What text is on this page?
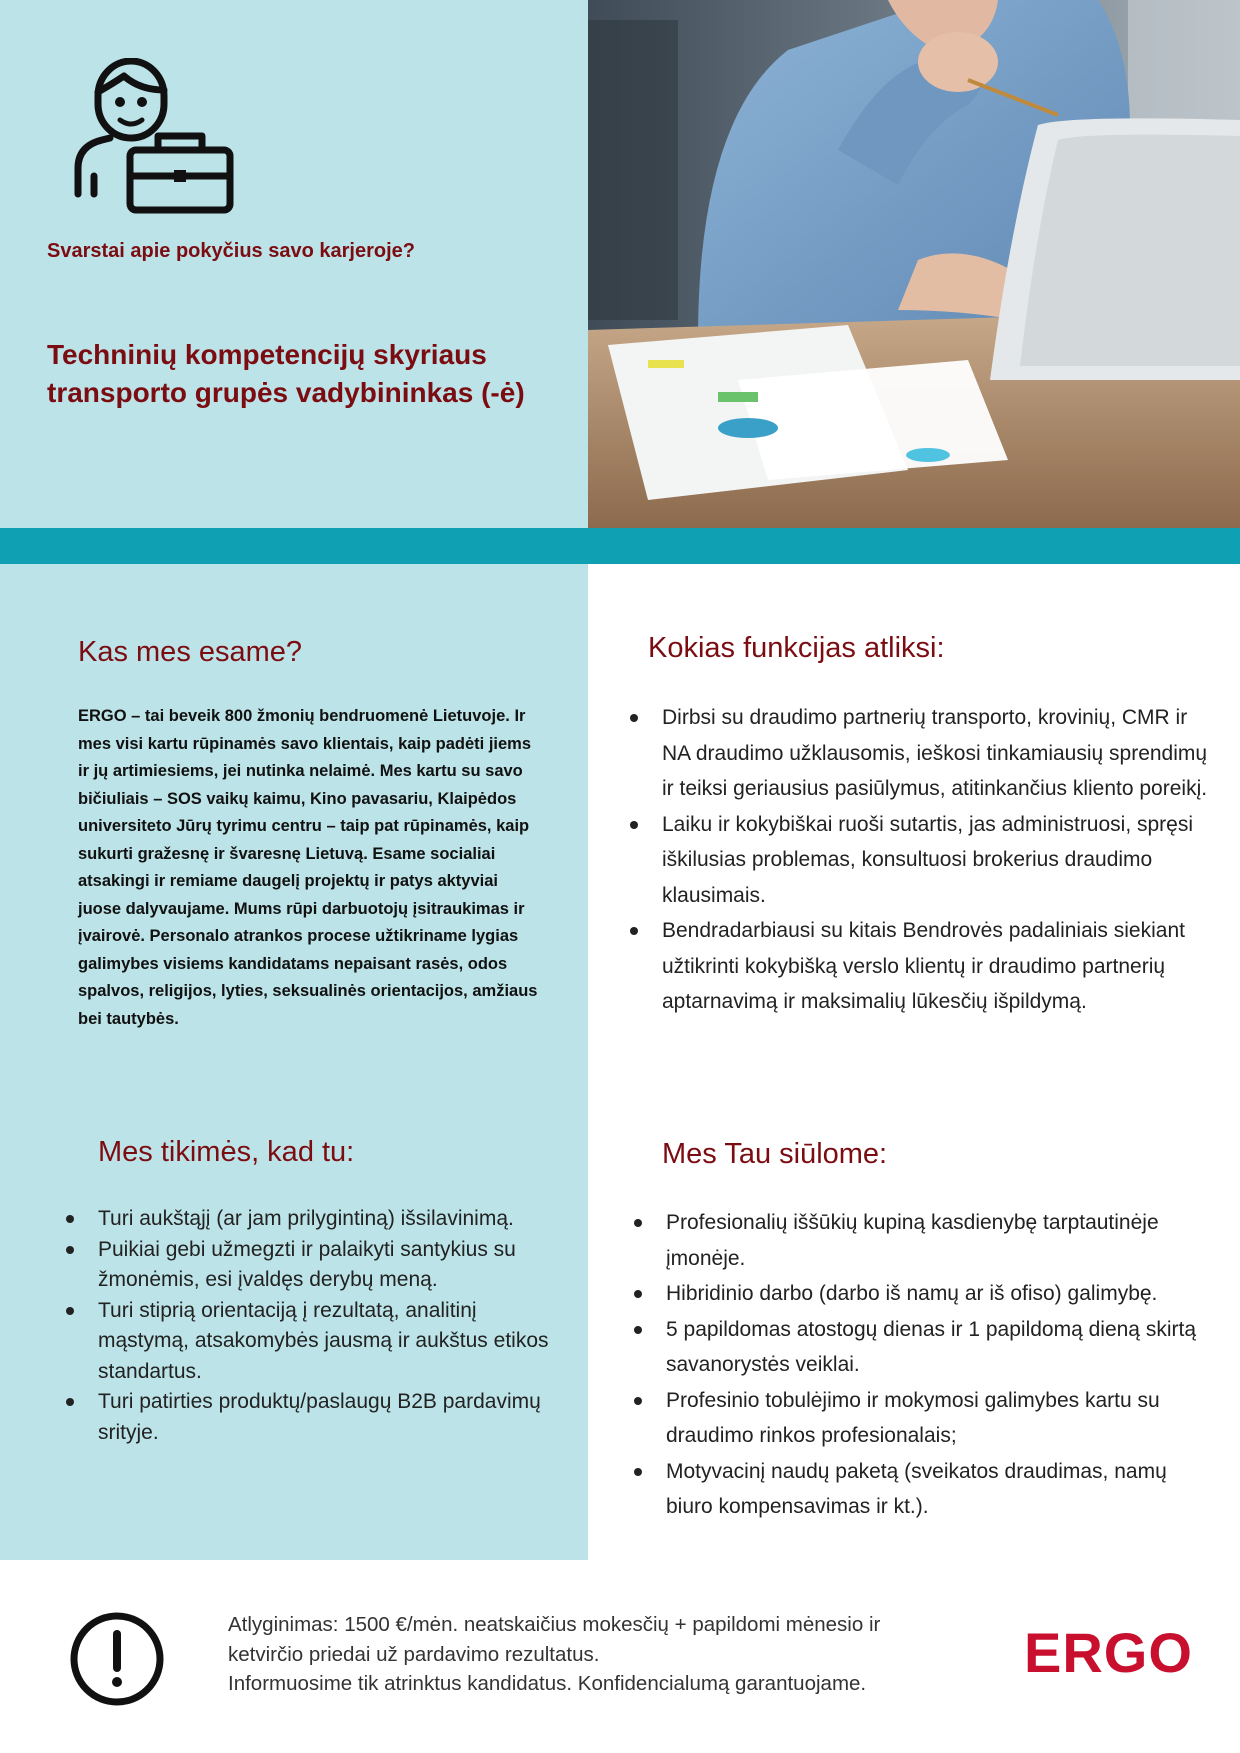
Svarstai apie pokyčius savo karjeroje?
Techninių kompetencijų skyriaus
transporto grupės vadybininkas (-ė)
Kas mes esame?

ERGO – tai beveik 800 žmonių bendruomenė Lietuvoje. Ir mes visi kartu rūpinamės savo klientais, kaip padėti jiems ir jų artimiesiems, jei nutinka nelaimė. Mes kartu su savo bičiuliais – SOS vaikų kaimu, Kino pavasariu, Klaipėdos universiteto Jūrų tyrimu centru – taip pat rūpinamės, kaip sukurti gražesnę ir švaresnę Lietuvą. Esame socialiai atsakingi ir remiame daugelį projektų ir patys aktyviai juose dalyvaujame. Mums rūpi darbuotojų įsitraukimas ir įvairovė. Personalo atrankos procese užtikriname lygias galimybes visiems kandidatams nepaisant rasės, odos spalvos, religijos, lyties, seksualinės orientacijos, amžiaus bei tautybės.

Kokias funkcijas atliksi:
Dirbsi su draudimo partnerių transporto, krovinių, CMR ir NA draudimo užklausomis, ieškosi tinkamiausių sprendimų ir teiksi geriausius pasiūlymus, atitinkančius kliento poreikį.
Laiku ir kokybiškai ruoši sutartis, jas administruosi, spręsi iškilusias problemas, konsultuosi brokerius draudimo klausimais.
Bendradarbiausi su kitais Bendrovės padaliniais siekiant užtikrinti kokybišką verslo klientų ir draudimo partnerių aptarnavimą ir maksimalių lūkesčių išpildymą.
Mes tikimės, kad tu:
Turi aukštąjį (ar jam prilygintiną) išsilavinimą.
Puikiai gebi užmegzti ir palaikyti santykius su žmonėmis, esi įvaldęs derybų meną.
Turi stiprią orientaciją į rezultatą, analitinį mąstymą, atsakomybės jausmą ir aukštus etikos standartus.
Turi patirties produktų/paslaugų B2B pardavimų srityje.
Mes Tau siūlome:
Profesionalių iššūkių kupiną kasdienybę tarptautinėje įmonėje.
Hibridinio darbo (darbo iš namų ar iš ofiso) galimybę.
5 papildomas atostogų dienas ir 1 papildomą dieną skirtą savanorystės veiklai.
Profesinio tobulėjimo ir mokymosi galimybes kartu su draudimo rinkos profesionalais;
Motyvacinį naudų paketą (sveikatos draudimas, namų biuro kompensavimas ir kt.).
Atlyginimas: 1500 €/mėn. neatskaičius mokesčių + papildomi mėnesio ir
ketvirčio priedai už pardavimo rezultatus.
Informuosime tik atrinktus kandidatus. Konfidencialumą garantuojame.	ERGO
